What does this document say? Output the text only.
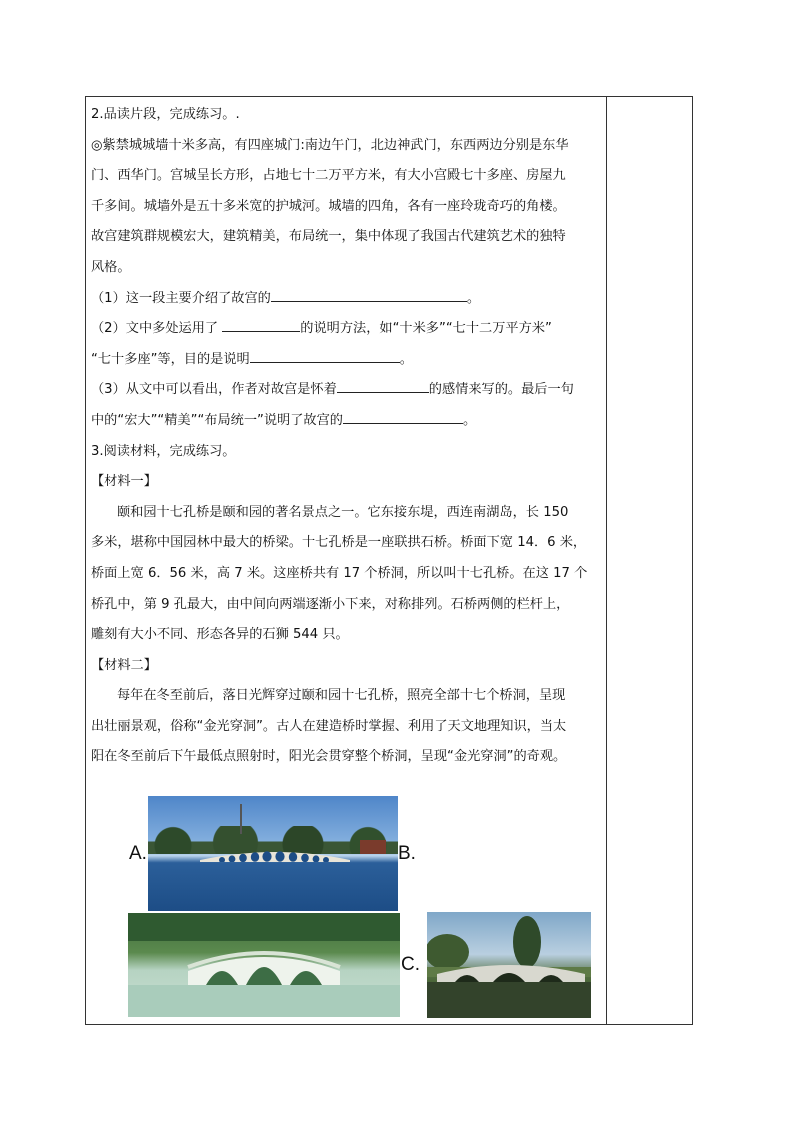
2.品读片段，完成练习。.

◎紫禁城城墙十米多高，有四座城门:南边午门，北边神武门，东西两边分别是东华

门、西华门。宫城呈长方形，占地七十二万平方米，有大小宫殿七十多座、房屋九

千多间。城墙外是五十多米宽的护城河。城墙的四角，各有一座玲珑奇巧的角楼。

故宫建筑群规模宏大，建筑精美，布局统一，集中体现了我国古代建筑艺术的独特

风格。

（1）这一段主要介绍了故宫的	。

（2）文中多处运用了	的说明方法，如“十米多”“七十二万平方米”

“七十多座”等，目的是说明	。

（3）从文中可以看出，作者对故宫是怀着	的感情来写的。最后一句

中的“宏大”“精美”“布局统一”说明了故宫的	。

3.阅读材料，完成练习。

【材料一】

颐和园十七孔桥是颐和园的著名景点之一。它东接东堤，西连南湖岛，长 150

多米，堪称中国园林中最大的桥梁。十七孔桥是一座联拱石桥。桥面下宽 14．6 米，

桥面上宽 6．56 米，高 7 米。这座桥共有 17 个桥洞，所以叫十七孔桥。在这 17 个

桥孔中，第 9 孔最大，由中间向两端逐渐小下来，对称排列。石桥两侧的栏杆上，

雕刻有大小不同、形态各异的石狮 544 只。

【材料二】

每年在冬至前后，落日光辉穿过颐和园十七孔桥，照亮全部十七个桥洞，呈现

出壮丽景观，俗称“金光穿洞”。古人在建造桥时掌握、利用了天文地理知识，当太

阳在冬至前后下午最低点照射时，阳光会贯穿整个桥洞，呈现“金光穿洞”的奇观。

A.	B.
C.
